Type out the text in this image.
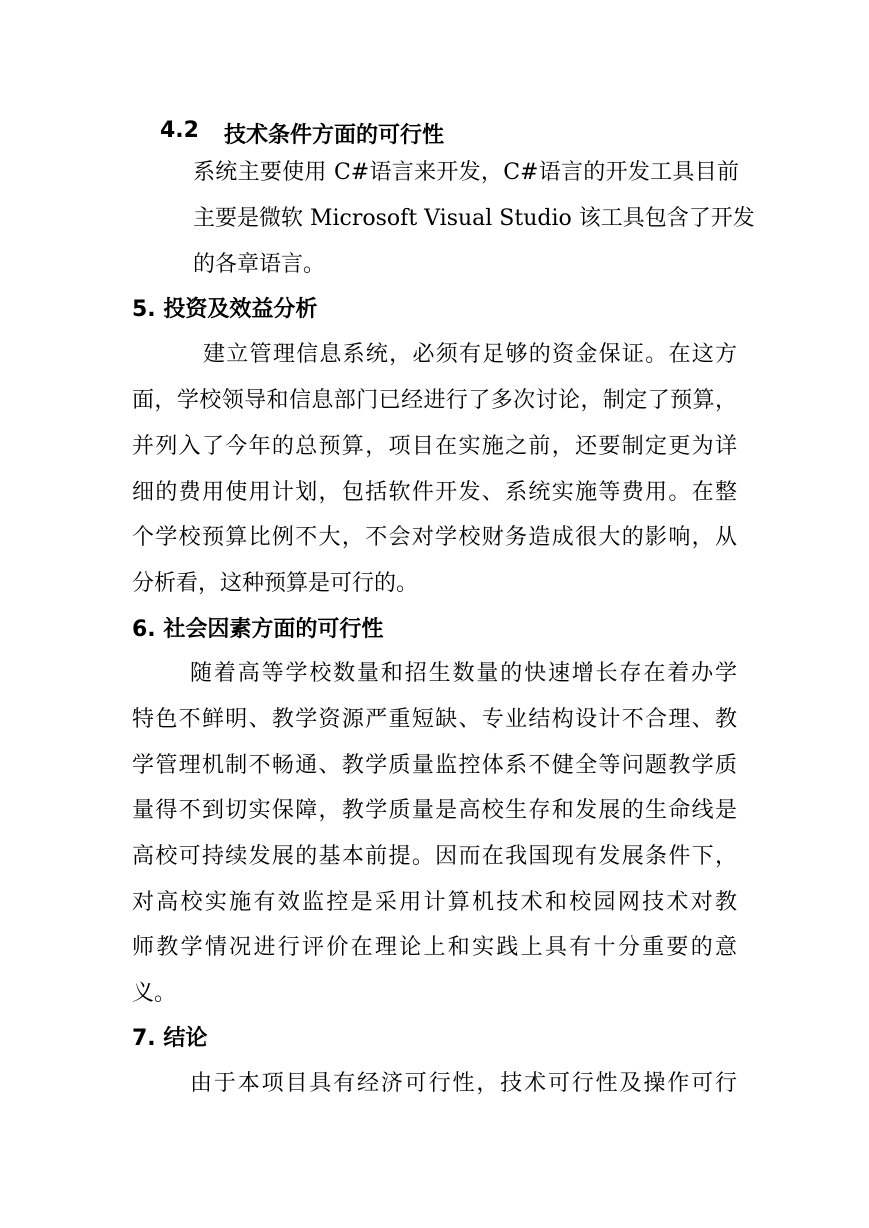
4.2 技术条件方面的可行性
系统主要使用 C#语言来开发，C#语言的开发工具目前
主要是微软 Microsoft Visual Studio 该工具包含了开发
的各章语言。
5. 投资及效益分析
建立管理信息系统，必须有足够的资金保证。在这方
面，学校领导和信息部门已经进行了多次讨论，制定了预算，
并列入了今年的总预算，项目在实施之前，还要制定更为详
细的费用使用计划，包括软件开发、系统实施等费用。在整
个学校预算比例不大，不会对学校财务造成很大的影响，从
分析看，这种预算是可行的。
6. 社会因素方面的可行性
随着高等学校数量和招生数量的快速增长存在着办学
特色不鲜明、教学资源严重短缺、专业结构设计不合理、教
学管理机制不畅通、教学质量监控体系不健全等问题教学质
量得不到切实保障，教学质量是高校生存和发展的生命线是
高校可持续发展的基本前提。因而在我国现有发展条件下，
对高校实施有效监控是采用计算机技术和校园网技术对教
师教学情况进行评价在理论上和实践上具有十分重要的意
义。
7. 结论
由于本项目具有经济可行性，技术可行性及操作可行
